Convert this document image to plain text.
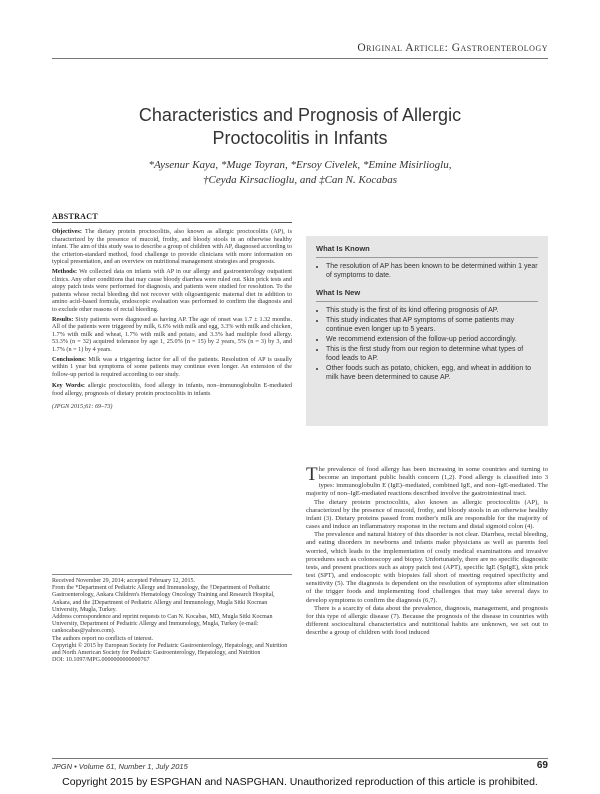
Original Article: Gastroenterology
Characteristics and Prognosis of Allergic
Proctocolitis in Infants
*Aysenur Kaya, *Muge Toyran, *Ersoy Civelek, *Emine Misirlioglu,
†Ceyda Kirsaclioglu, and ‡Can N. Kocabas
ABSTRACT

Objectives: The dietary protein proctocolitis, also known as allergic proctocolitis (AP), is characterized by the presence of mucoid, frothy, and bloody stools in an otherwise healthy infant. The aim of this study was to describe a group of children with AP, diagnosed according to the criterion-standard method, food challenge to provide clinicians with more information on typical presentation, and an overview on nutritional management strategies and prognosis.

Methods: We collected data on infants with AP in our allergy and gastroenterology outpatient clinics. Any other conditions that may cause bloody diarrhea were ruled out. Skin prick tests and atopy patch tests were performed for diagnosis, and patients were studied for resolution. To the patients whose rectal bleeding did not recover with oligoantigenic maternal diet in addition to amino acid–based formula, endoscopic evaluation was performed to confirm the diagnosis and to exclude other reasons of rectal bleeding.

Results: Sixty patients were diagnosed as having AP. The age of onset was 1.7 ± 1.32 months. All of the patients were triggered by milk, 6.6% with milk and egg, 3.3% with milk and chicken, 1.7% with milk and wheat, 1.7% with milk and potato, and 3.3% had multiple food allergy. 53.3% (n = 32) acquired tolerance by age 1, 25.0% (n = 15) by 2 years, 5% (n = 3) by 3, and 1.7% (n = 1) by 4 years.

Conclusions: Milk was a triggering factor for all of the patients. Resolution of AP is usually within 1 year but symptoms of some patients may continue even longer. An extension of the follow-up period is required according to our study.

Key Words: allergic proctocolitis, food allergy in infants, non–immunoglobulin E-mediated food allergy, prognosis of dietary protein proctocolitis in infants

(JPGN 2015;61: 69–73)

Received November 29, 2014; accepted February 12, 2015.

From the *Department of Pediatric Allergy and Immunology, the †Department of Pediatric Gastroenterology, Ankara Children's Hematology Oncology Training and Research Hospital, Ankara, and the ‡Department of Pediatric Allergy and Immunology, Mugla Sitki Kocman University, Mugla, Turkey.

Address correspondence and reprint requests to Can N. Kocabas, MD, Mugla Sitki Kocman University, Department of Pediatric Allergy and Immunology, Mugla, Turkey (e-mail: cankocabas@yahoo.com).

The authors report no conflicts of interest.

Copyright © 2015 by European Society for Pediatric Gastroenterology, Hepatology, and Nutrition and North American Society for Pediatric Gastroenterology, Hepatology, and Nutrition

DOI: 10.1097/MPG.0000000000000767

What Is Known
• The resolution of AP has been known to be determined within 1 year of symptoms to date.
What Is New
• This study is the first of its kind offering prognosis of AP.
• This study indicates that AP symptoms of some patients may continue even longer up to 5 years.
• We recommend extension of the follow-up period accordingly.
• This is the first study from our region to determine what types of food leads to AP.
• Other foods such as potato, chicken, egg, and wheat in addition to milk have been determined to cause AP.

The prevalence of food allergy has been increasing in some countries and turning to become an important public health concern (1,2). Food allergy is classified into 3 types: immunoglobulin E (IgE)–mediated, combined IgE, and non–IgE-mediated. The majority of non–IgE-mediated reactions described involve the gastrointestinal tract.

The dietary protein proctocolitis, also known as allergic proctocolitis (AP), is characterized by the presence of mucoid, frothy, and bloody stools in an otherwise healthy infant (3). Dietary proteins passed from mother's milk are responsible for the majority of cases and induce an inflammatory response in the rectum and distal sigmoid colon (4).

The prevalence and natural history of this disorder is not clear. Diarrhea, rectal bleeding, and eating disorders in newborns and infants make physicians as well as parents feel worried, which leads to the implementation of costly medical examinations and invasive procedures such as colonoscopy and biopsy. Unfortunately, there are no specific diagnostic tests, and present practices such as atopy patch test (APT), specific IgE (SpIgE), skin prick test (SPT), and endoscopic with biopsies fall short of meeting required specificity and sensitivity (5). The diagnosis is dependent on the resolution of symptoms after elimination of the trigger foods and implementing food challenges that may take several days to develop symptoms to confirm the diagnosis (6,7).

There is a scarcity of data about the prevalence, diagnosis, management, and prognosis for this type of allergic disease (7). Because the prognosis of the disease in countries with different sociocultural characteristics and nutritional habits are unknown, we set out to describe a group of children with food induced

JPGN • Volume 61, Number 1, July 2015	69
Copyright 2015 by ESPGHAN and NASPGHAN. Unauthorized reproduction of this article is prohibited.
